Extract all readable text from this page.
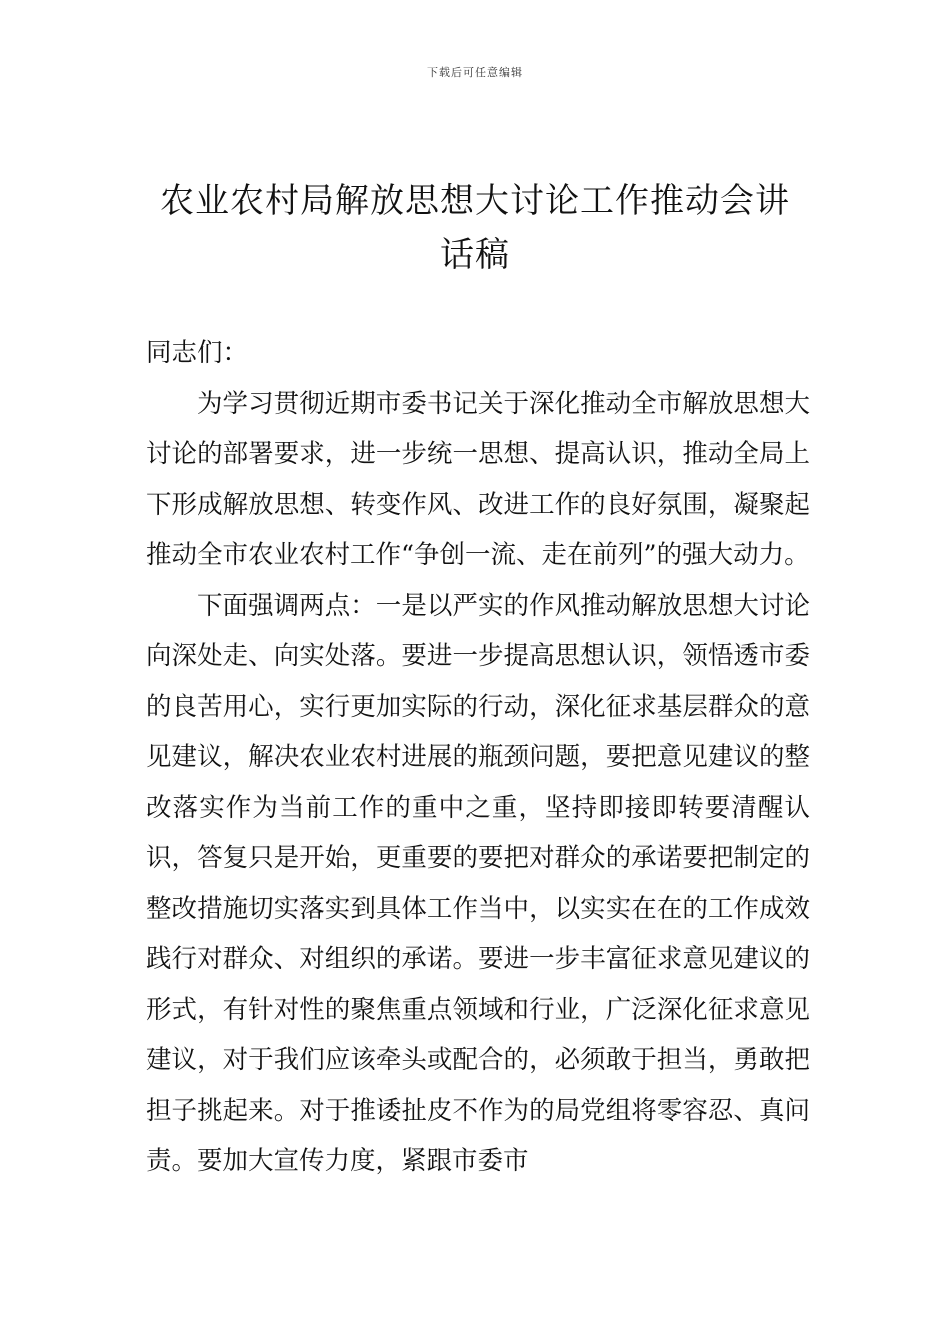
下载后可任意编辑
农业农村局解放思想大讨论工作推动会讲
话稿

同志们：

为学习贯彻近期市委书记关于深化推动全市解放思想大讨论的部署要求，进一步统一思想、提高认识，推动全局上下形成解放思想、转变作风、改进工作的良好氛围，凝聚起推动全市农业农村工作“争创一流、走在前列”的强大动力。

下面强调两点：一是以严实的作风推动解放思想大讨论向深处走、向实处落。要进一步提高思想认识，领悟透市委的良苦用心，实行更加实际的行动，深化征求基层群众的意见建议，解决农业农村进展的瓶颈问题，要把意见建议的整改落实作为当前工作的重中之重，坚持即接即转要清醒认识，答复只是开始，更重要的要把对群众的承诺要把制定的整改措施切实落实到具体工作当中，以实实在在的工作成效践行对群众、对组织的承诺。要进一步丰富征求意见建议的形式，有针对性的聚焦重点领域和行业，广泛深化征求意见建议，对于我们应该牵头或配合的，必须敢于担当，勇敢把担子挑起来。对于推诿扯皮不作为的局党组将零容忍、真问责。要加大宣传力度，紧跟市委市
